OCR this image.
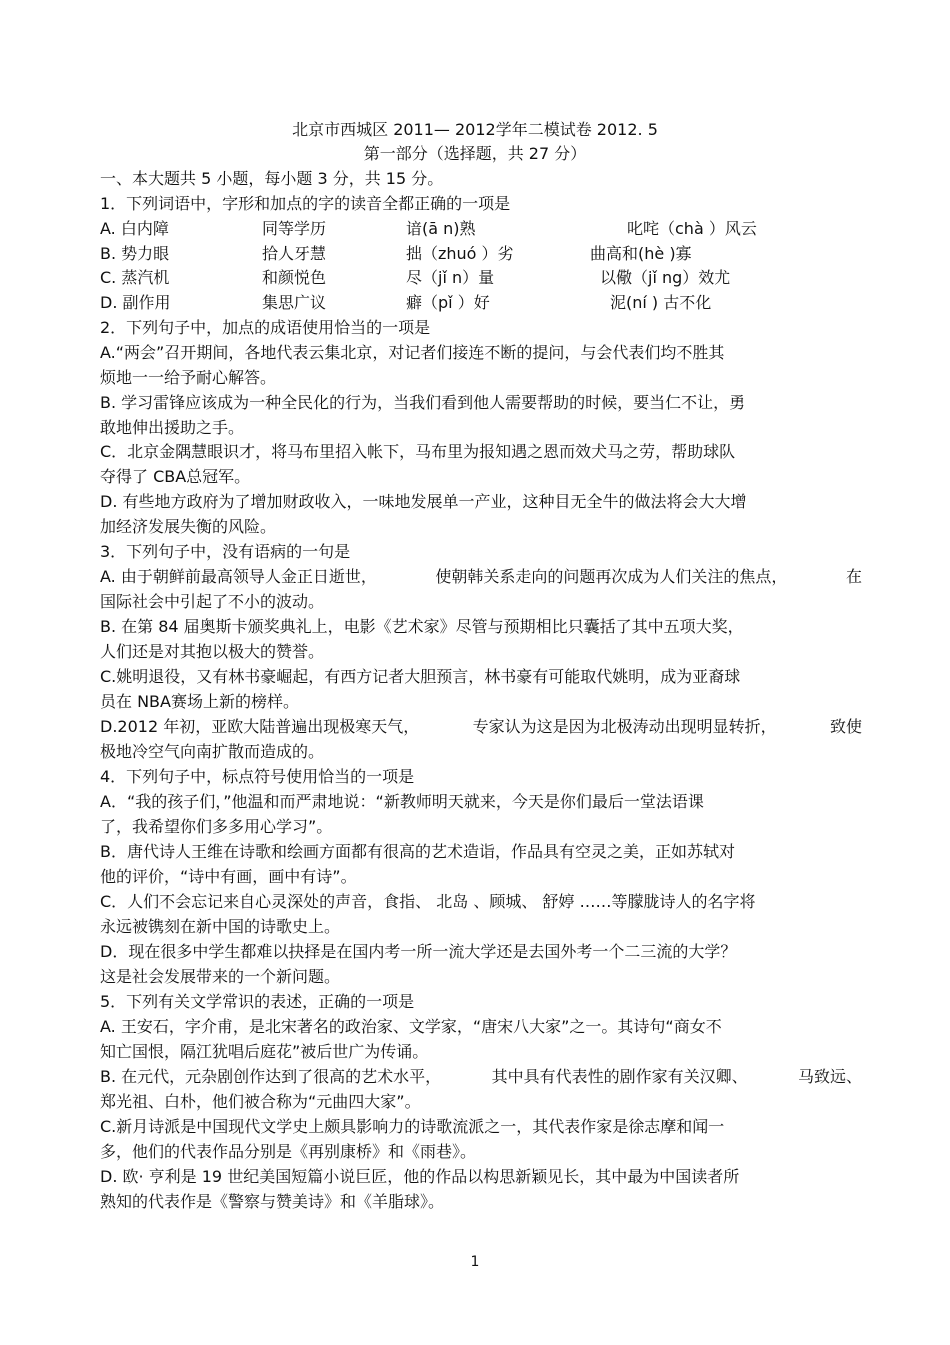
北京市西城区 2011— 2012学年二模试卷 2012. 5
第一部分（选择题，共 27 分）
一、本大题共 5 小题，每小题 3 分，共 15 分。
1．下列词语中，字形和加点的字的读音全都正确的一项是
A. 白内障	同等学历	谙(ā n)熟	叱咤（chà ）风云
B. 势力眼	拾人牙慧	拙（zhuó ）劣	曲高和(hè )寡
C. 蒸汽机	和颜悦色	尽（jǐ n）量	以儆（jǐ ng）效尤
D. 副作用	集思广议	癖（pǐ ）好	泥(ní ) 古不化
2．下列句子中，加点的成语使用恰当的一项是
A.“两会”召开期间，各地代表云集北京，对记者们接连不断的提问，与会代表们均不胜其
烦地一一给予耐心解答。
B. 学习雷锋应该成为一种全民化的行为，当我们看到他人需要帮助的时候，要当仁不让，勇
敢地伸出援助之手。
C．北京金隅慧眼识才，将马布里招入帐下，马布里为报知遇之恩而效犬马之劳，帮助球队
夺得了 CBA总冠军。
D. 有些地方政府为了增加财政收入，一味地发展单一产业，这种目无全牛的做法将会大大增
加经济发展失衡的风险。
3．下列句子中，没有语病的一句是
A. 由于朝鲜前最高领导人金正日逝世，	使朝韩关系走向的问题再次成为人们关注的焦点，	在
国际社会中引起了不小的波动。
B. 在第 84 届奥斯卡颁奖典礼上，电影《艺术家》尽管与预期相比只囊括了其中五项大奖，
人们还是对其抱以极大的赞誉。
C.姚明退役，又有林书豪崛起，有西方记者大胆预言，林书豪有可能取代姚明，成为亚裔球
员在 NBA赛场上新的榜样。
D.2012 年初，亚欧大陆普遍出现极寒天气，	专家认为这是因为北极涛动出现明显转折，	致使
极地冷空气向南扩散而造成的。
4．下列句子中，标点符号使用恰当的一项是
A．“我的孩子们，”他温和而严肃地说：“新教师明天就来，今天是你们最后一堂法语课
了，我希望你们多多用心学习”。
B．唐代诗人王维在诗歌和绘画方面都有很高的艺术造诣，作品具有空灵之美，正如苏轼对
他的评价，“诗中有画，画中有诗”。
C．人们不会忘记来自心灵深处的声音，食指、 北岛 、顾城、 舒婷 ……等朦胧诗人的名字将
永远被镌刻在新中国的诗歌史上。
D．现在很多中学生都难以抉择是在国内考一所一流大学还是去国外考一个二三流的大学？
这是社会发展带来的一个新问题。
5．下列有关文学常识的表述，正确的一项是
A. 王安石，字介甫，是北宋著名的政治家、文学家，“唐宋八大家”之一。其诗句“商女不
知亡国恨，隔江犹唱后庭花”被后世广为传诵。
B. 在元代，元杂剧创作达到了很高的艺术水平，	其中具有代表性的剧作家有关汉卿、	马致远、
郑光祖、白朴，他们被合称为“元曲四大家”。
C.新月诗派是中国现代文学史上颇具影响力的诗歌流派之一，其代表作家是徐志摩和闻一
多，他们的代表作品分别是《再别康桥》和《雨巷》。
D. 欧· 亨利是 19 世纪美国短篇小说巨匠，他的作品以构思新颖见长，其中最为中国读者所
熟知的代表作是《警察与赞美诗》和《羊脂球》。
1
